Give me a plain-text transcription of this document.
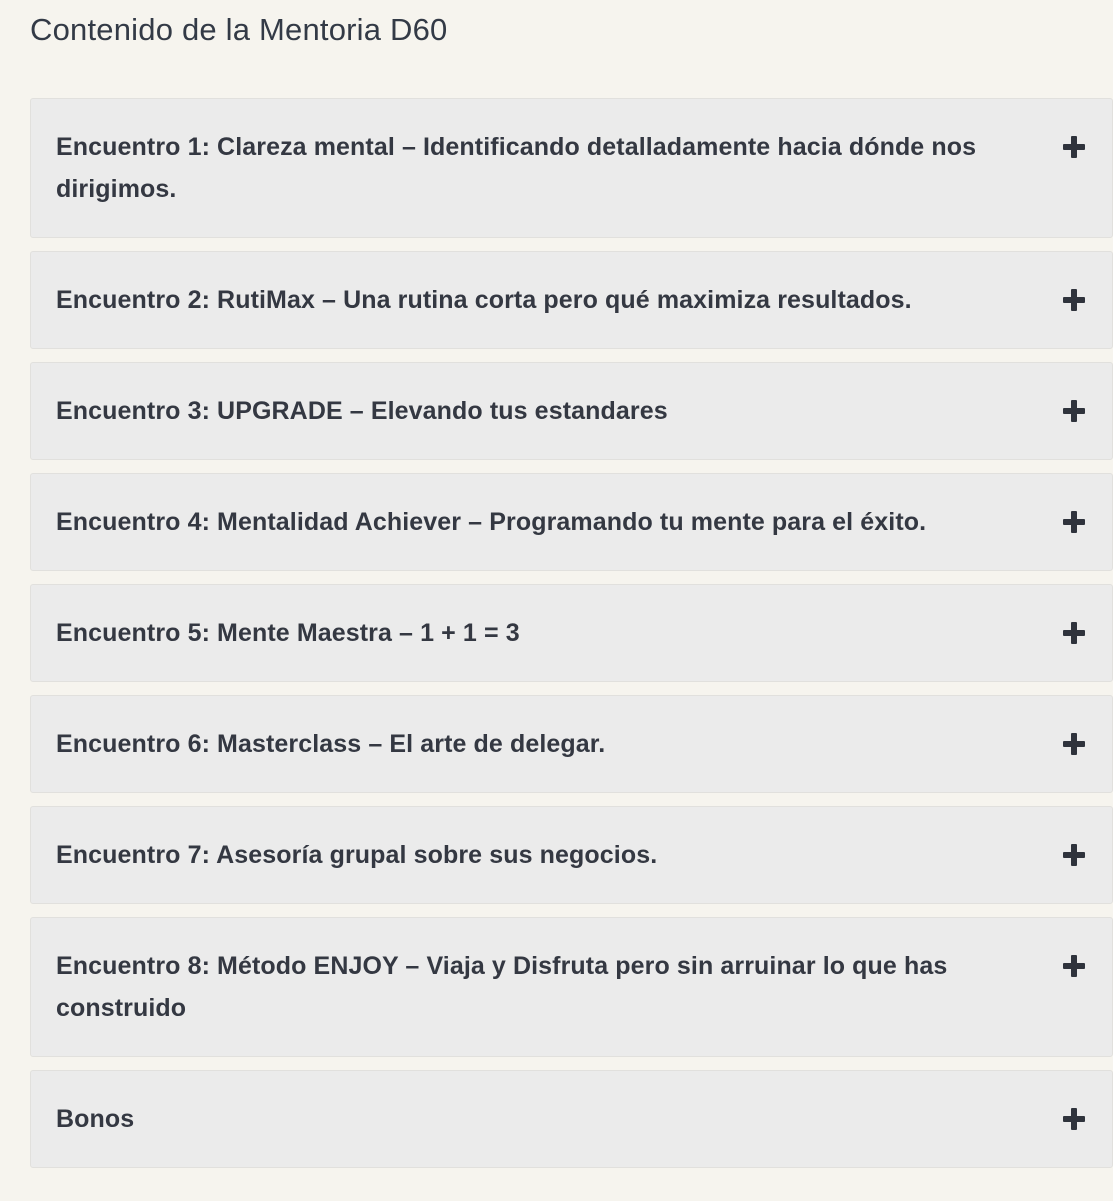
Contenido de la Mentoria D60
Encuentro 1: Clareza mental – Identificando detalladamente hacia dónde nos dirigimos.
Encuentro 2: RutiMax – Una rutina corta pero qué maximiza resultados.
Encuentro 3: UPGRADE – Elevando tus estandares
Encuentro 4: Mentalidad Achiever – Programando tu mente para el éxito.
Encuentro 5: Mente Maestra – 1 + 1 = 3
Encuentro 6: Masterclass – El arte de delegar.
Encuentro 7: Asesoría grupal sobre sus negocios.
Encuentro 8: Método ENJOY – Viaja y Disfruta pero sin arruinar lo que has construido
Bonos
